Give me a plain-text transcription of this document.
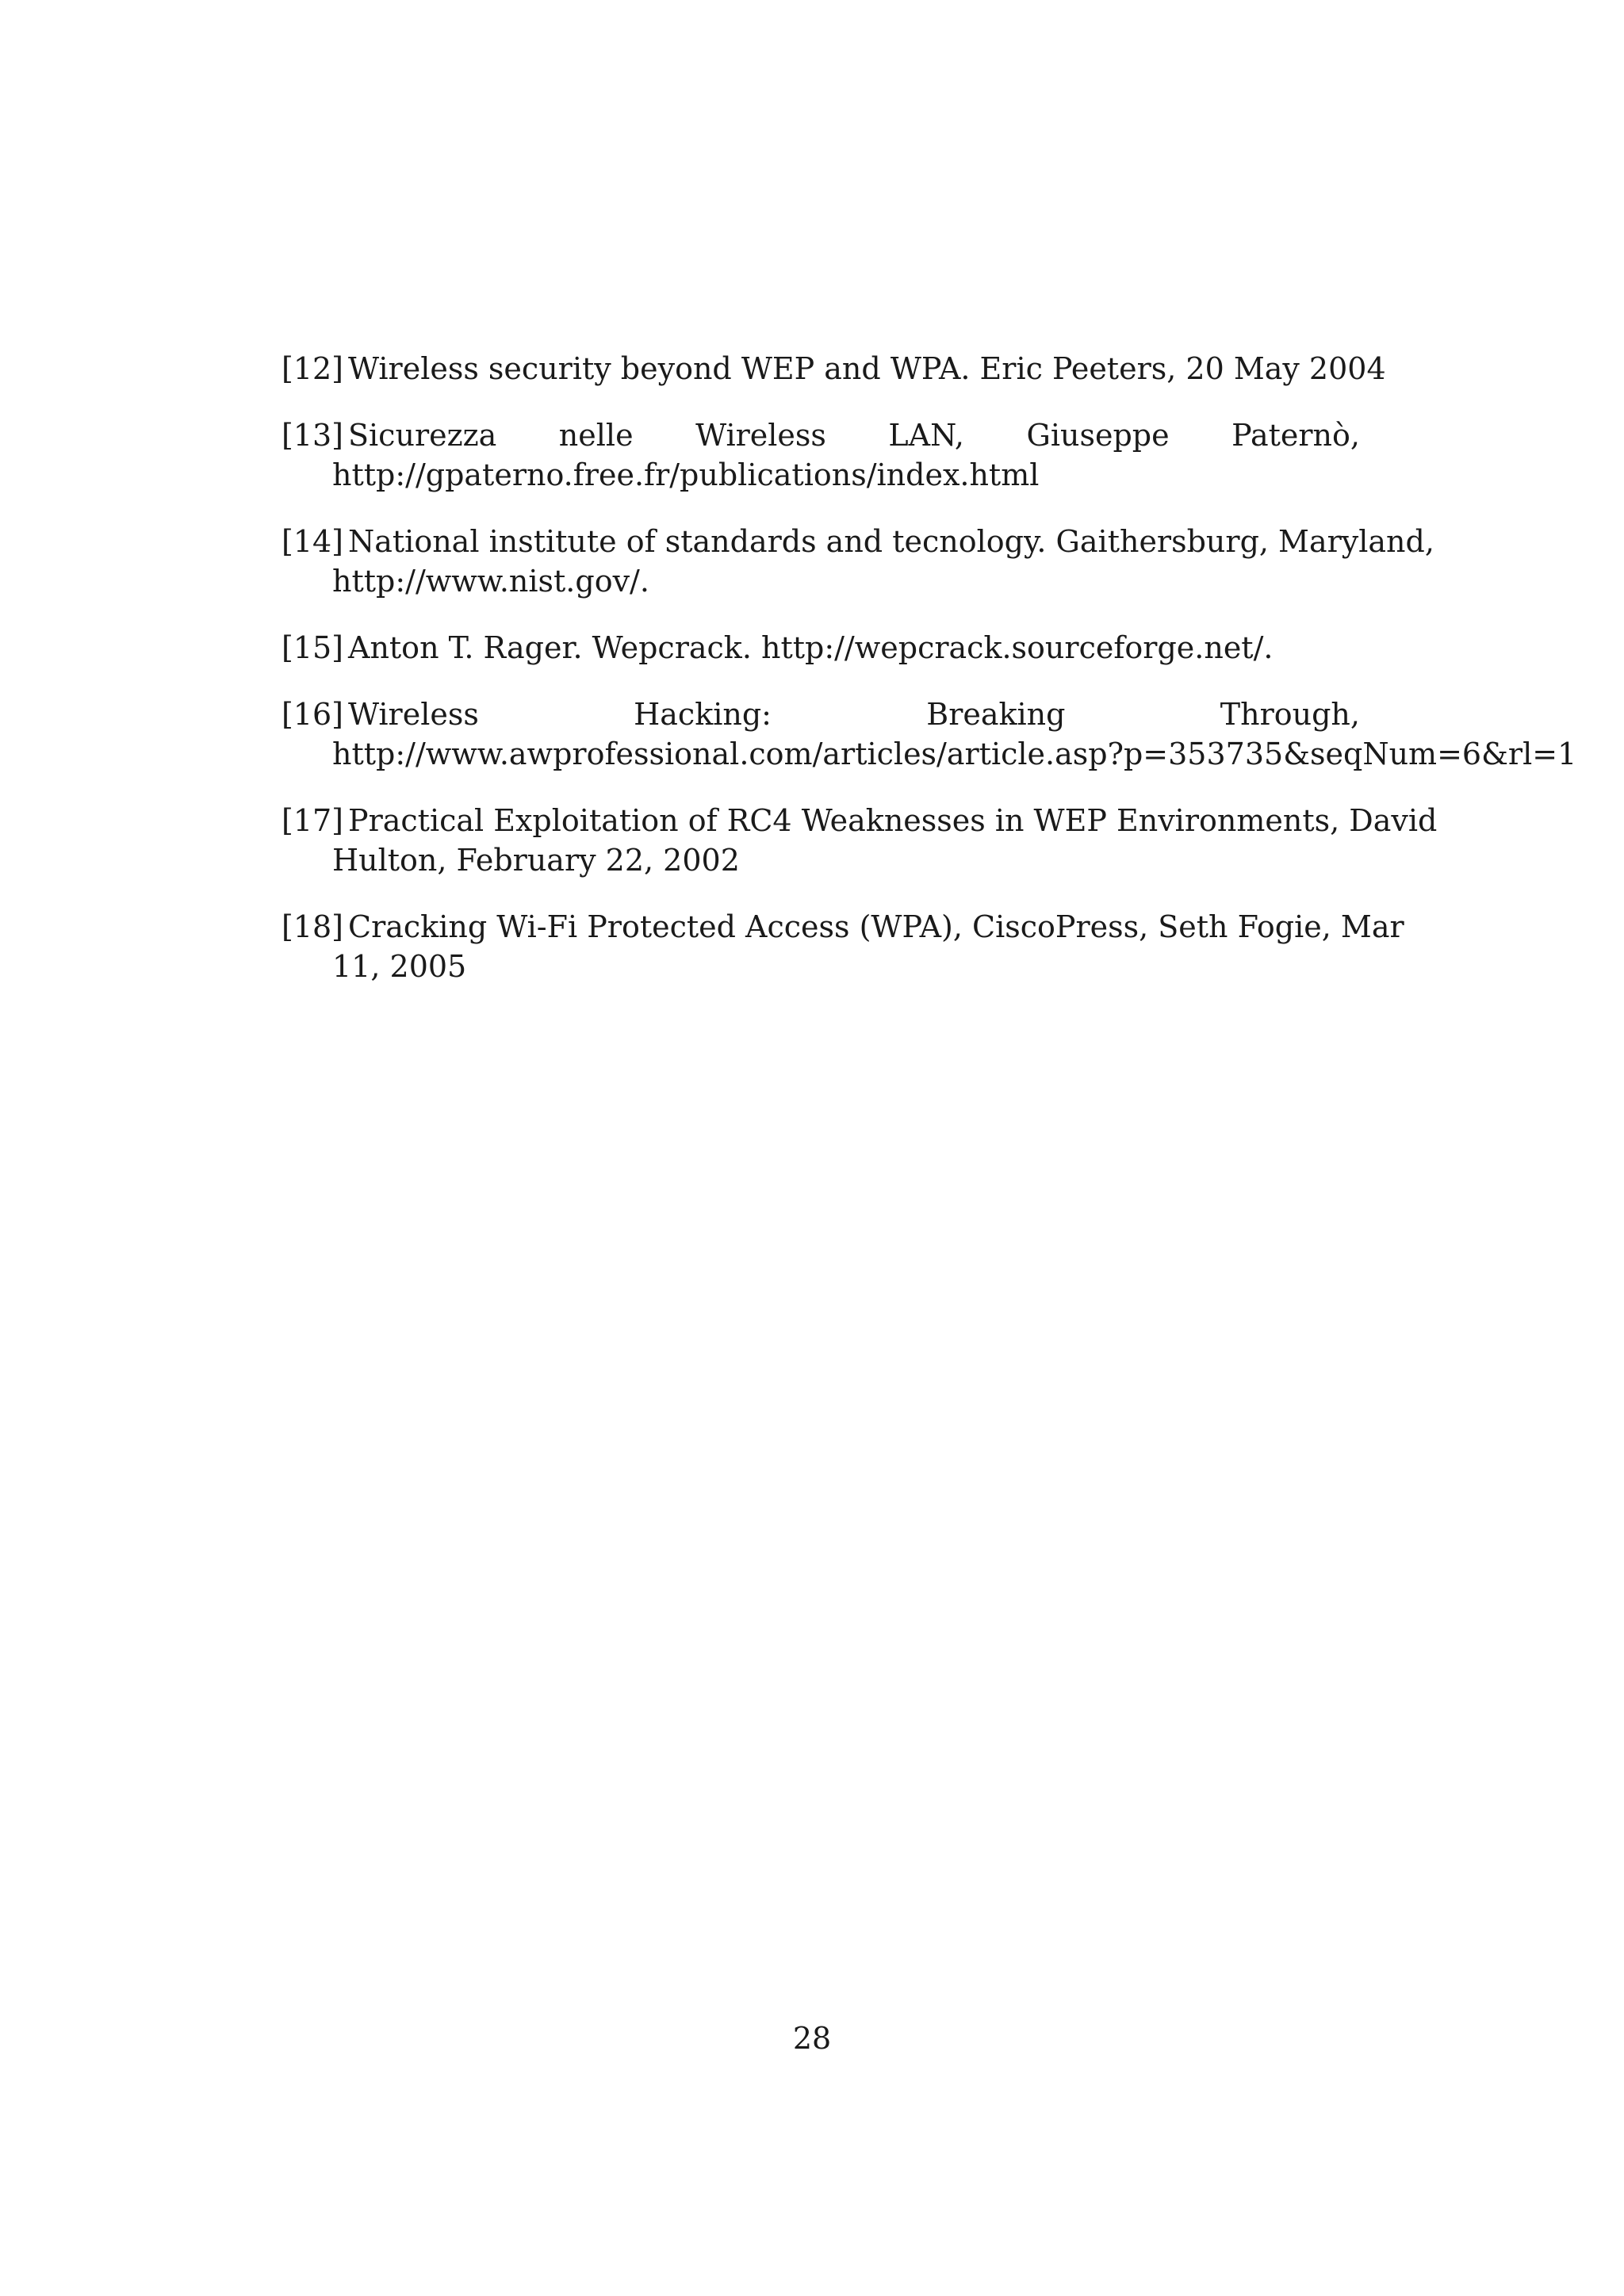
[12] Wireless security beyond WEP and WPA. Eric Peeters, 20 May 2004
[13] Sicurezza nelle Wireless LAN, Giuseppe Paternò,
http://gpaterno.free.fr/publications/index.html
[14] National institute of standards and tecnology. Gaithersburg, Maryland,
http://www.nist.gov/.
[15] Anton T. Rager. Wepcrack. http://wepcrack.sourceforge.net/.
[16] Wireless	Hacking:	Breaking	Through,
http://www.awprofessional.com/articles/article.asp?p=353735&seqNum=6&rl=1
[17] Practical Exploitation of RC4 Weaknesses in WEP Environments, David
Hulton, February 22, 2002
[18] Cracking Wi-Fi Protected Access (WPA), CiscoPress, Seth Fogie, Mar
11, 2005
28
